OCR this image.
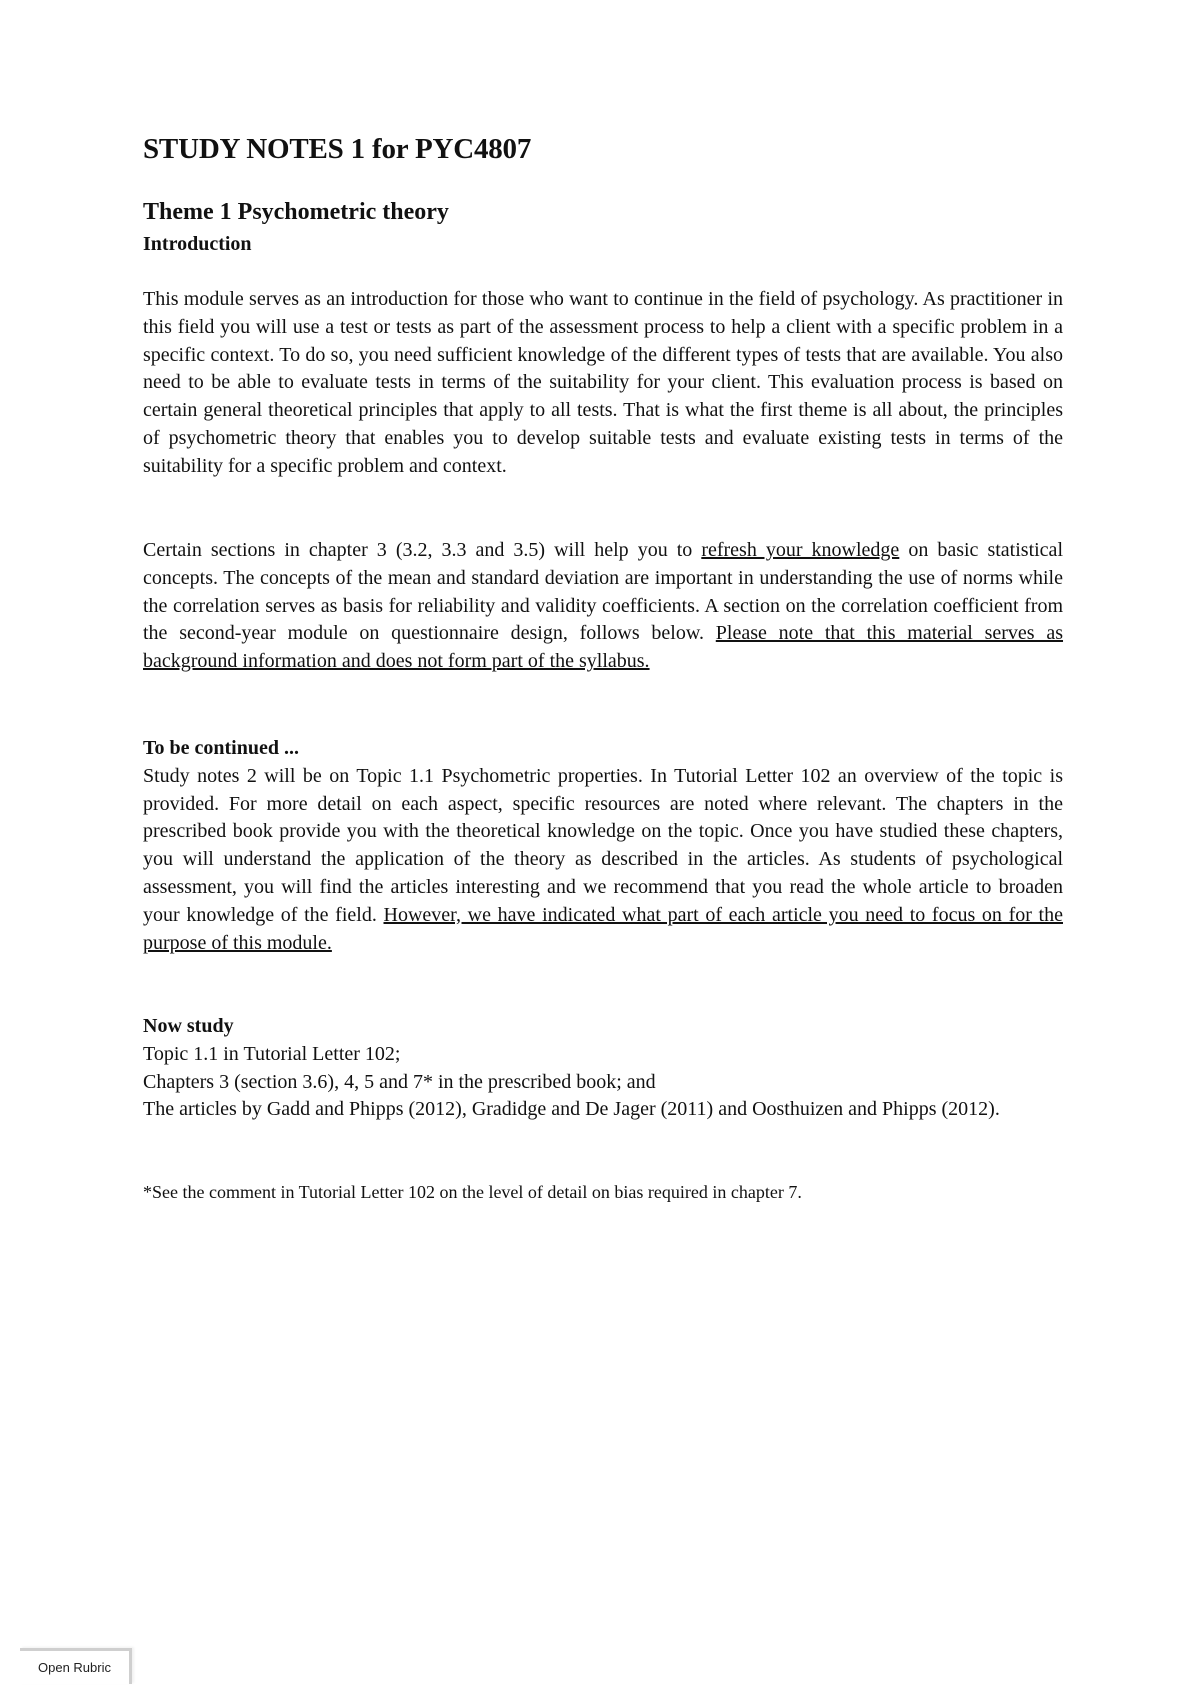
STUDY NOTES 1 for PYC4807
Theme 1 Psychometric theory
Introduction

This module serves as an introduction for those who want to continue in the field of psychology. As practitioner in this field you will use a test or tests as part of the assessment process to help a client with a specific problem in a specific context. To do so, you need sufficient knowledge of the different types of tests that are available. You also need to be able to evaluate tests in terms of the suitability for your client. This evaluation process is based on certain general theoretical principles that apply to all tests. That is what the first theme is all about, the principles of psychometric theory that enables you to develop suitable tests and evaluate existing tests in terms of the suitability for a specific problem and context.

Certain sections in chapter 3 (3.2, 3.3 and 3.5) will help you to refresh your knowledge on basic statistical concepts. The concepts of the mean and standard deviation are important in understanding the use of norms while the correlation serves as basis for reliability and validity coefficients. A section on the correlation coefficient from the second-year module on questionnaire design, follows below. Please note that this material serves as background information and does not form part of the syllabus.

To be continued ...

Study notes 2 will be on Topic 1.1 Psychometric properties. In Tutorial Letter 102 an overview of the topic is provided. For more detail on each aspect, specific resources are noted where relevant. The chapters in the prescribed book provide you with the theoretical knowledge on the topic. Once you have studied these chapters, you will understand the application of the theory as described in the articles. As students of psychological assessment, you will find the articles interesting and we recommend that you read the whole article to broaden your knowledge of the field. However, we have indicated what part of each article you need to focus on for the purpose of this module.

Now study
Topic 1.1 in Tutorial Letter 102;
Chapters 3 (section 3.6), 4, 5 and 7* in the prescribed book; and
The articles by Gadd and Phipps (2012), Gradidge and De Jager (2011) and Oosthuizen and Phipps (2012).

*See the comment in Tutorial Letter 102 on the level of detail on bias required in chapter 7.

Open Rubric
